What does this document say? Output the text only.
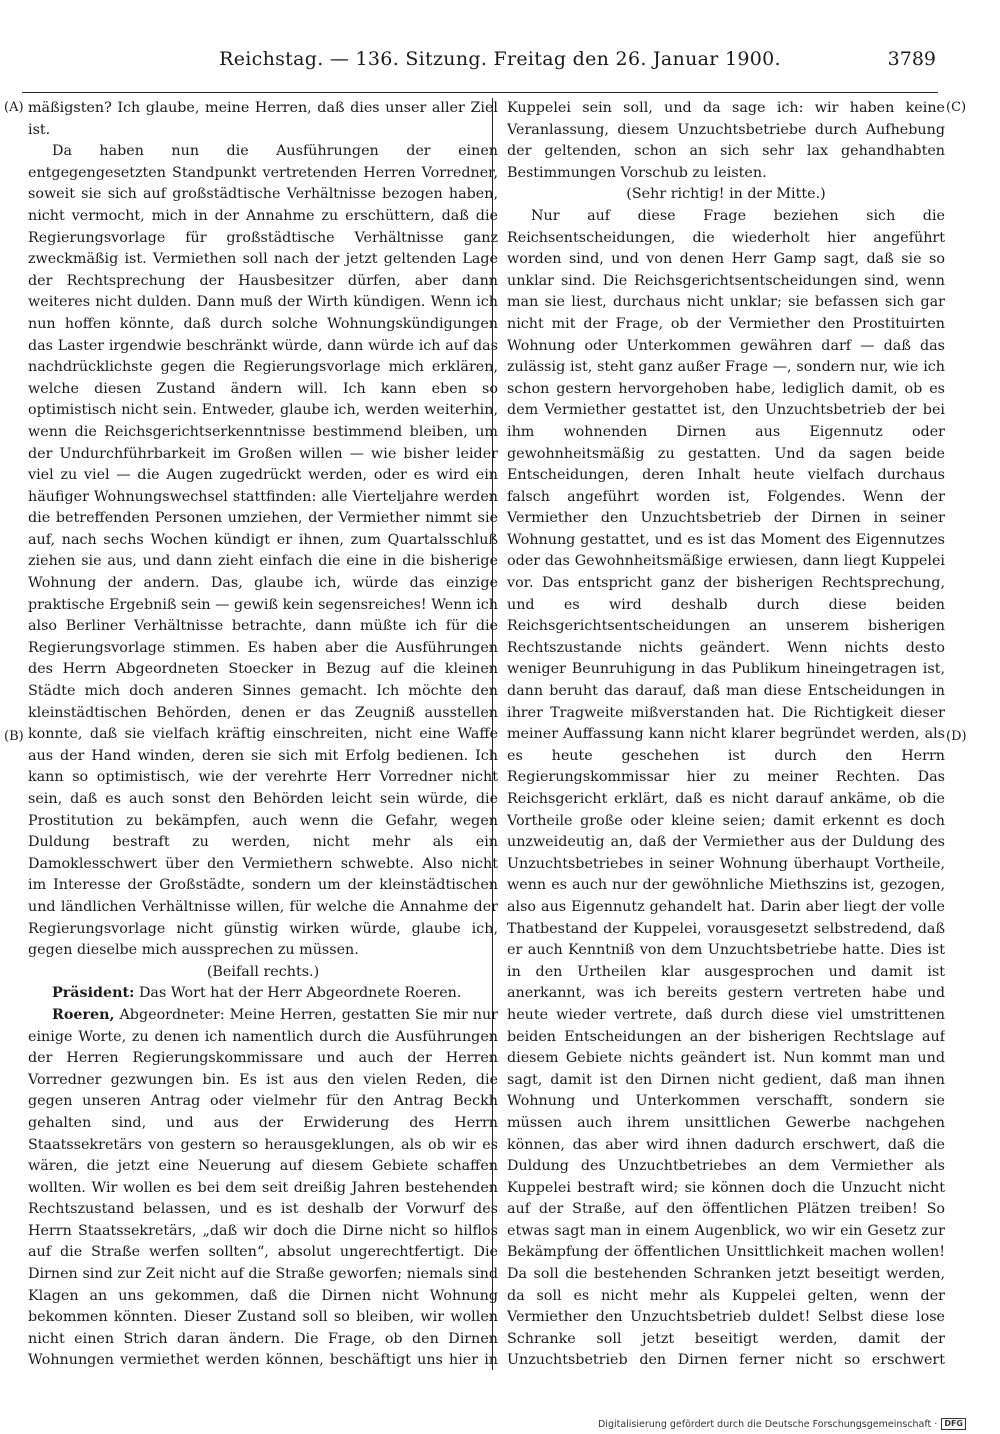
Reichstag. — 136. Sitzung. Freitag den 26. Januar 1900.	3789
(A)
(B)
(C)
(D)

mäßigsten? Ich glaube, meine Herren, daß dies unser aller Ziel ist.

Da haben nun die Ausführungen der einen entgegengesetzten Standpunkt vertretenden Herren Vorredner, soweit sie sich auf großstädtische Verhältnisse bezogen haben, nicht vermocht, mich in der Annahme zu erschüttern, daß die Regierungsvorlage für großstädtische Verhältnisse ganz zweckmäßig ist. Vermiethen soll nach der jetzt geltenden Lage der Rechtsprechung der Hausbesitzer dürfen, aber dann weiteres nicht dulden. Dann muß der Wirth kündigen. Wenn ich nun hoffen könnte, daß durch solche Wohnungskündigungen das Laster irgendwie beschränkt würde, dann würde ich auf das nachdrücklichste gegen die Regierungsvorlage mich erklären, welche diesen Zustand ändern will. Ich kann eben so optimistisch nicht sein. Entweder, glaube ich, werden weiterhin, wenn die Reichsgerichtserkenntnisse bestimmend bleiben, um der Undurchführbarkeit im Großen willen — wie bisher leider viel zu viel — die Augen zugedrückt werden, oder es wird ein häufiger Wohnungswechsel stattfinden: alle Vierteljahre werden die betreffenden Personen umziehen, der Vermiether nimmt sie auf, nach sechs Wochen kündigt er ihnen, zum Quartalsschluß ziehen sie aus, und dann zieht einfach die eine in die bisherige Wohnung der andern. Das, glaube ich, würde das einzige praktische Ergebniß sein — gewiß kein segensreiches! Wenn ich also Berliner Verhältnisse betrachte, dann müßte ich für die Regierungsvorlage stimmen. Es haben aber die Ausführungen des Herrn Abgeordneten Stoecker in Bezug auf die kleinen Städte mich doch anderen Sinnes gemacht. Ich möchte den kleinstädtischen Behörden, denen er das Zeugniß ausstellen konnte, daß sie vielfach kräftig einschreiten, nicht eine Waffe aus der Hand winden, deren sie sich mit Erfolg bedienen. Ich kann so optimistisch, wie der verehrte Herr Vorredner nicht sein, daß es auch sonst den Behörden leicht sein würde, die Prostitution zu bekämpfen, auch wenn die Gefahr, wegen Duldung bestraft zu werden, nicht mehr als ein Damoklesschwert über den Vermiethern schwebte. Also nicht im Interesse der Großstädte, sondern um der kleinstädtischen und ländlichen Verhältnisse willen, für welche die Annahme der Regierungsvorlage nicht günstig wirken würde, glaube ich, gegen dieselbe mich aussprechen zu müssen.

(Beifall rechts.)

Präsident: Das Wort hat der Herr Abgeordnete Roeren.

Roeren, Abgeordneter: Meine Herren, gestatten Sie mir nur einige Worte, zu denen ich namentlich durch die Ausführungen der Herren Regierungskommissare und auch der Herren Vorredner gezwungen bin. Es ist aus den vielen Reden, die gegen unseren Antrag oder vielmehr für den Antrag Beckh gehalten sind, und aus der Erwiderung des Herrn Staatssekretärs von gestern so herausgeklungen, als ob wir es wären, die jetzt eine Neuerung auf diesem Gebiete schaffen wollten. Wir wollen es bei dem seit dreißig Jahren bestehenden Rechtszustand belassen, und es ist deshalb der Vorwurf des Herrn Staatssekretärs, „daß wir doch die Dirne nicht so hilflos auf die Straße werfen sollten“, absolut ungerechtfertigt. Die Dirnen sind zur Zeit nicht auf die Straße geworfen; niemals sind Klagen an uns gekommen, daß die Dirnen nicht Wohnung bekommen könnten. Dieser Zustand soll so bleiben, wir wollen nicht einen Strich daran ändern. Die Frage, ob den Dirnen Wohnungen vermiethet werden können, beschäftigt uns hier in

Kuppelei sein soll, und da sage ich: wir haben keine Veranlassung, diesem Unzuchtsbetriebe durch Aufhebung der geltenden, schon an sich sehr lax gehandhabten Bestimmungen Vorschub zu leisten.

(Sehr richtig! in der Mitte.)

Nur auf diese Frage beziehen sich die Reichsentscheidungen, die wiederholt hier angeführt worden sind, und von denen Herr Gamp sagt, daß sie so unklar sind. Die Reichsgerichtsentscheidungen sind, wenn man sie liest, durchaus nicht unklar; sie befassen sich gar nicht mit der Frage, ob der Vermiether den Prostituirten Wohnung oder Unterkommen gewähren darf — daß das zulässig ist, steht ganz außer Frage —, sondern nur, wie ich schon gestern hervorgehoben habe, lediglich damit, ob es dem Vermiether gestattet ist, den Unzuchtsbetrieb der bei ihm wohnenden Dirnen aus Eigennutz oder gewohnheitsmäßig zu gestatten. Und da sagen beide Entscheidungen, deren Inhalt heute vielfach durchaus falsch angeführt worden ist, Folgendes. Wenn der Vermiether den Unzuchtsbetrieb der Dirnen in seiner Wohnung gestattet, und es ist das Moment des Eigennutzes oder das Gewohnheitsmäßige erwiesen, dann liegt Kuppelei vor. Das entspricht ganz der bisherigen Rechtsprechung, und es wird deshalb durch diese beiden Reichsgerichtsentscheidungen an unserem bisherigen Rechtszustande nichts geändert. Wenn nichts desto weniger Beunruhigung in das Publikum hineingetragen ist, dann beruht das darauf, daß man diese Entscheidungen in ihrer Tragweite mißverstanden hat. Die Richtigkeit dieser meiner Auffassung kann nicht klarer begründet werden, als es heute geschehen ist durch den Herrn Regierungskommissar hier zu meiner Rechten. Das Reichsgericht erklärt, daß es nicht darauf ankäme, ob die Vortheile große oder kleine seien; damit erkennt es doch unzweideutig an, daß der Vermiether aus der Duldung des Unzuchtsbetriebes in seiner Wohnung überhaupt Vortheile, wenn es auch nur der gewöhnliche Miethszins ist, gezogen, also aus Eigennutz gehandelt hat. Darin aber liegt der volle Thatbestand der Kuppelei, vorausgesetzt selbstredend, daß er auch Kenntniß von dem Unzuchtsbetriebe hatte. Dies ist in den Urtheilen klar ausgesprochen und damit ist anerkannt, was ich bereits gestern vertreten habe und heute wieder vertrete, daß durch diese viel umstrittenen beiden Entscheidungen an der bisherigen Rechtslage auf diesem Gebiete nichts geändert ist. Nun kommt man und sagt, damit ist den Dirnen nicht gedient, daß man ihnen Wohnung und Unterkommen verschafft, sondern sie müssen auch ihrem unsittlichen Gewerbe nachgehen können, das aber wird ihnen dadurch erschwert, daß die Duldung des Unzuchtbetriebes an dem Vermiether als Kuppelei bestraft wird; sie können doch die Unzucht nicht auf der Straße, auf den öffentlichen Plätzen treiben! So etwas sagt man in einem Augenblick, wo wir ein Gesetz zur Bekämpfung der öffentlichen Unsittlichkeit machen wollen! Da soll die bestehenden Schranken jetzt beseitigt werden, da soll es nicht mehr als Kuppelei gelten, wenn der Vermiether den Unzuchtsbetrieb duldet! Selbst diese lose Schranke soll jetzt beseitigt werden, damit der Unzuchtsbetrieb den Dirnen ferner nicht so erschwert

Digitalisierung gefördert durch die Deutsche Forschungsgemeinschaft · DFG
